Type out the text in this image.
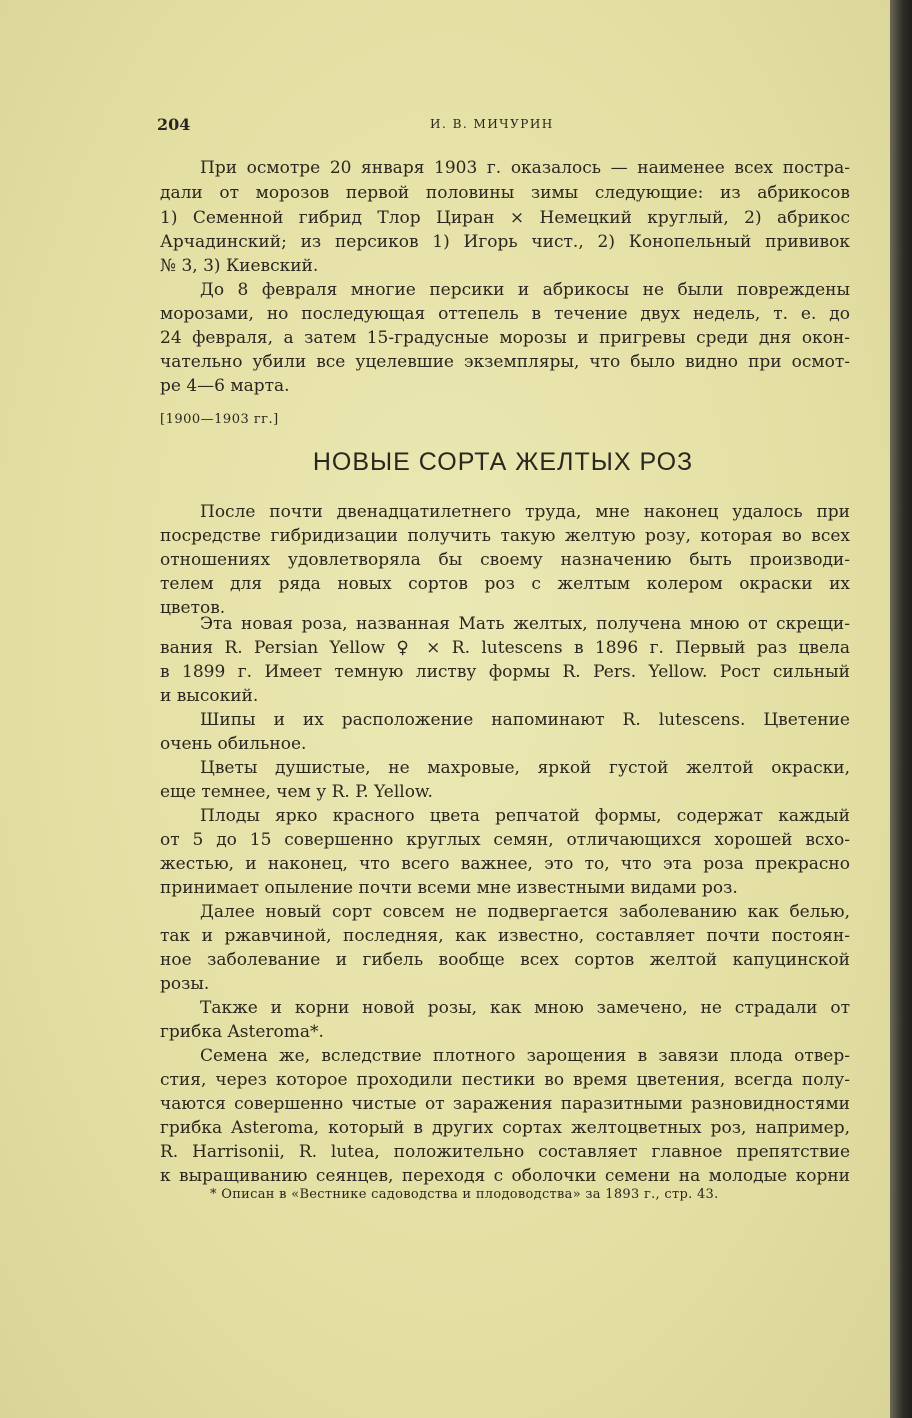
204	И. В. МИЧУРИН
При осмотре 20 января 1903 г. оказалось — наименее всех постра-
дали от морозов первой половины зимы следующие: из абрикосов
1) Семенной гибрид Тлор Циран × Немецкий круглый, 2) абрикос
Арчадинский; из персиков 1) Игорь чист., 2) Конопельный прививок
№ 3, 3) Киевский.
До 8 февраля многие персики и абрикосы не были повреждены
морозами, но последующая оттепель в течение двух недель, т. е. до
24 февраля, а затем 15-градусные морозы и пригревы среди дня окон-
чательно убили все уцелевшие экземпляры, что было видно при осмот-
ре 4—6 марта.
[1900—1903 гг.]
НОВЫЕ СОРТА ЖЕЛТЫХ РОЗ
После почти двенадцатилетнего труда, мне наконец удалось при
посредстве гибридизации получить такую желтую розу, которая во всех
отношениях удовлетворяла бы своему назначению быть производи-
телем для ряда новых сортов роз с желтым колером окраски их
цветов.
Эта новая роза, названная Мать желтых, получена мною от скрещи-
вания R. Persian Yellow ♀ × R. lutescens в 1896 г. Первый раз цвела
в 1899 г. Имеет темную листву формы R. Pers. Yellow. Рост сильный
и высокий.
Шипы и их расположение напоминают R. lutescens. Цветение
очень обильное.
Цветы душистые, не махровые, яркой густой желтой окраски,
еще темнее, чем у R. P. Yellow.
Плоды ярко красного цвета репчатой формы, содержат каждый
от 5 до 15 совершенно круглых семян, отличающихся хорошей всхо-
жестью, и наконец, что всего важнее, это то, что эта роза прекрасно
принимает опыление почти всеми мне известными видами роз.
Далее новый сорт совсем не подвергается заболеванию как белью,
так и ржавчиной, последняя, как известно, составляет почти постоян-
ное заболевание и гибель вообще всех сортов желтой капуцинской
розы.
Также и корни новой розы, как мною замечено, не страдали от
грибка Asteroma*.
Семена же, вследствие плотного зарощения в завязи плода отвер-
стия, через которое проходили пестики во время цветения, всегда полу-
чаются совершенно чистые от заражения паразитными разновидностями
грибка Asteroma, который в других сортах желтоцветных роз, например,
R. Harrisonii, R. lutea, положительно составляет главное препятствие
к выращиванию сеянцев, переходя с оболочки семени на молодые корни
* Описан в «Вестнике садоводства и плодоводства» за 1893 г., стр. 43.
